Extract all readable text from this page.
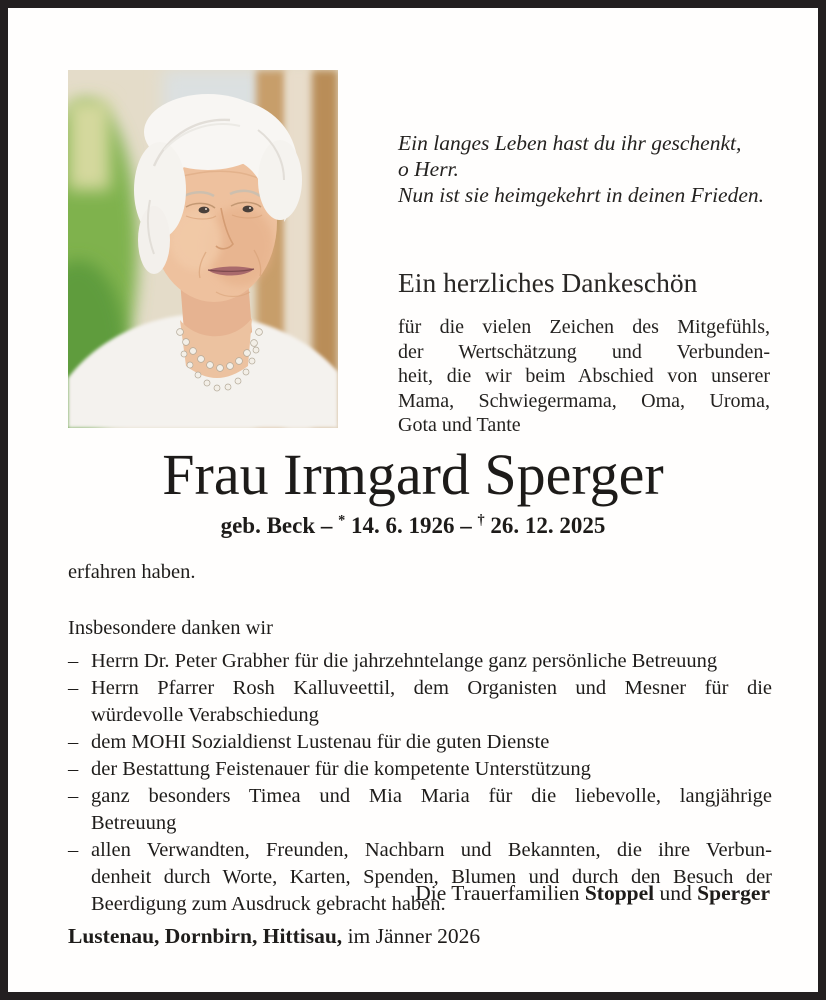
Ein langes Leben hast du ihr geschenkt,
o Herr.
Nun ist sie heimgekehrt in deinen Frieden.
Ein herzliches Dankeschön
für die vielen Zeichen des Mitgefühls,
der Wertschätzung und Verbunden-
heit, die wir beim Abschied von unserer
Mama, Schwiegermama, Oma, Uroma,
Gota und Tante
Frau Irmgard Sperger
geb. Beck – * 14. 6. 1926 – † 26. 12. 2025

erfahren haben.

Insbesondere danken wir

– Herrn Dr. Peter Grabher für die jahrzehntelange ganz persönliche Betreuung
– Herrn Pfarrer Rosh Kalluveettil, dem Organisten und Mesner für die
würdevolle Verabschiedung
– dem MOHI Sozialdienst Lustenau für die guten Dienste
– der Bestattung Feistenauer für die kompetente Unterstützung
– ganz besonders Timea und Mia Maria für die liebevolle, langjährige
Betreuung
– allen Verwandten, Freunden, Nachbarn und Bekannten, die ihre Verbun-
denheit durch Worte, Karten, Spenden, Blumen und durch den Besuch der
Beerdigung zum Ausdruck gebracht haben.
Die Trauerfamilien Stoppel und Sperger
Lustenau, Dornbirn, Hittisau, im Jänner 2026
